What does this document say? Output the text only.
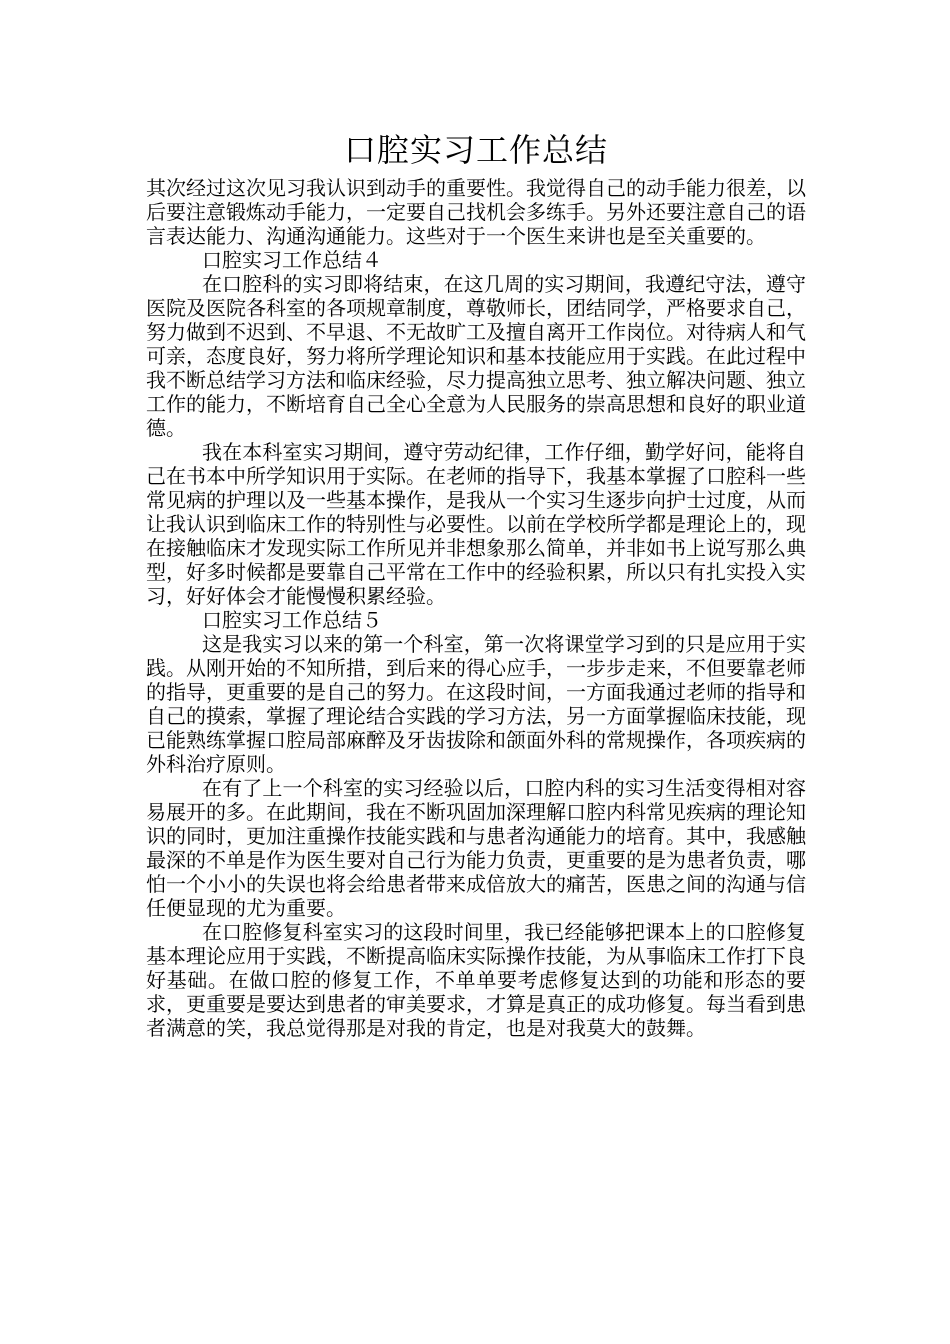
口腔实习工作总结

其次经过这次见习我认识到动手的重要性。我觉得自己的动手能力很差，以后要注意锻炼动手能力，一定要自己找机会多练手。另外还要注意自己的语言表达能力、沟通沟通能力。这些对于一个医生来讲也是至关重要的。

口腔实习工作总结４

在口腔科的实习即将结束，在这几周的实习期间，我遵纪守法，遵守医院及医院各科室的各项规章制度，尊敬师长，团结同学，严格要求自己，努力做到不迟到、不早退、不无故旷工及擅自离开工作岗位。对待病人和气可亲，态度良好，努力将所学理论知识和基本技能应用于实践。在此过程中我不断总结学习方法和临床经验，尽力提高独立思考、独立解决问题、独立工作的能力，不断培育自己全心全意为人民服务的崇高思想和良好的职业道德。

我在本科室实习期间，遵守劳动纪律，工作仔细，勤学好问，能将自己在书本中所学知识用于实际。在老师的指导下，我基本掌握了口腔科一些常见病的护理以及一些基本操作，是我从一个实习生逐步向护士过度，从而让我认识到临床工作的特别性与必要性。以前在学校所学都是理论上的，现在接触临床才发现实际工作所见并非想象那么简单，并非如书上说写那么典型，好多时候都是要靠自己平常在工作中的经验积累，所以只有扎实投入实习，好好体会才能慢慢积累经验。

口腔实习工作总结５

这是我实习以来的第一个科室，第一次将课堂学习到的只是应用于实践。从刚开始的不知所措，到后来的得心应手，一步步走来，不但要靠老师的指导，更重要的是自己的努力。在这段时间，一方面我通过老师的指导和自己的摸索，掌握了理论结合实践的学习方法，另一方面掌握临床技能，现已能熟练掌握口腔局部麻醉及牙齿拔除和颌面外科的常规操作，各项疾病的外科治疗原则。

在有了上一个科室的实习经验以后，口腔内科的实习生活变得相对容易展开的多。在此期间，我在不断巩固加深理解口腔内科常见疾病的理论知识的同时，更加注重操作技能实践和与患者沟通能力的培育。其中，我感触最深的不单是作为医生要对自己行为能力负责，更重要的是为患者负责，哪怕一个小小的失误也将会给患者带来成倍放大的痛苦，医患之间的沟通与信任便显现的尤为重要。

在口腔修复科室实习的这段时间里，我已经能够把课本上的口腔修复基本理论应用于实践，不断提高临床实际操作技能，为从事临床工作打下良好基础。在做口腔的修复工作，不单单要考虑修复达到的功能和形态的要求，更重要是要达到患者的审美要求，才算是真正的成功修复。每当看到患者满意的笑，我总觉得那是对我的肯定，也是对我莫大的鼓舞。
